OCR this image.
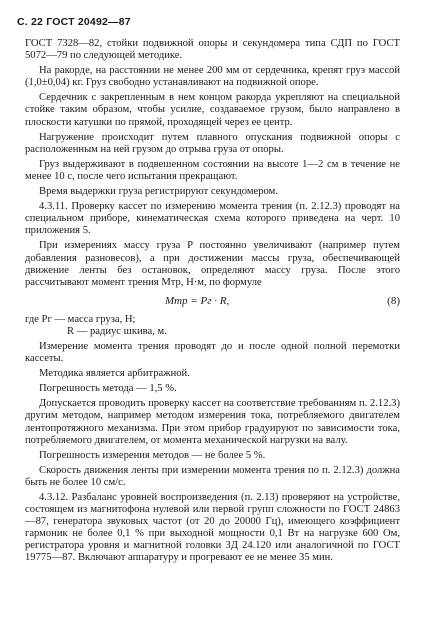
С. 22 ГОСТ 20492—87

ГОСТ 7328—82, стойки подвижной опоры и секундомера типа СДП по ГОСТ 5072—79 по следующей методике.

На ракорде, на расстоянии не менее 200 мм от сердечника, крепят груз массой (1,0±0,04) кг. Груз свободно устанавливают на подвижной опоре.

Сердечник с закрепленным в нем концом ракорда укрепляют на специальной стойке таким образом, чтобы усилие, создаваемое грузом, было направлено в плоскости катушки по прямой, проходящей через ее центр.

Нагружение происходит путем плавного опускания подвижной опоры с расположенным на ней грузом до отрыва груза от опоры.

Груз выдерживают в подвешенном состоянии на высоте 1—2 см в течение не менее 10 с, после чего испытания прекращают.

Время выдержки груза регистрируют секундомером.

4.3.11. Проверку кассет по измерению момента трения (п. 2.12.3) проводят на специальном приборе, кинематическая схема которого приведена на черт. 10 приложения 5.

При измерениях массу груза P постоянно увеличивают (например путем добавления разновесов), а при достижении массы груза, обеспечивающей движение ленты без остановок, определяют массу груза. После этого рассчитывают момент трения Mтр, Н·м, по формуле

Mтр = Pг · R,	(8)

где Pг — масса груза, Н;

R — радиус шкива, м.

Измерение момента трения проводят до и после одной полной перемотки кассеты.

Методика является арбитражной.

Погрешность метода — 1,5 %.

Допускается проводить проверку кассет на соответствие требованиям п. 2.12.3) другим методом, например методом измерения тока, потребляемого двигателем лентопротяжного механизма. При этом прибор градуируют по зависимости тока, потребляемого двигателем, от момента механической нагрузки на валу.

Погрешность измерения методов — не более 5 %.

Скорость движения ленты при измерении момента трения по п. 2.12.3) должна быть не более 10 см/с.

4.3.12. Разбаланс уровней воспроизведения (п. 2.13) проверяют на устройстве, состоящем из магнитофона нулевой или первой групп сложности по ГОСТ 24863—87, генератора звуковых частот (от 20 до 20000 Гц), имеющего коэффициент гармоник не более 0,1 % при выходной мощности 0,1 Вт на нагрузке 600 Ом, регистратора уровня и магнитной головки 3Д 24.120 или аналогичной по ГОСТ 19775—87. Включают аппаратуру и прогревают ее не менее 35 мин.
